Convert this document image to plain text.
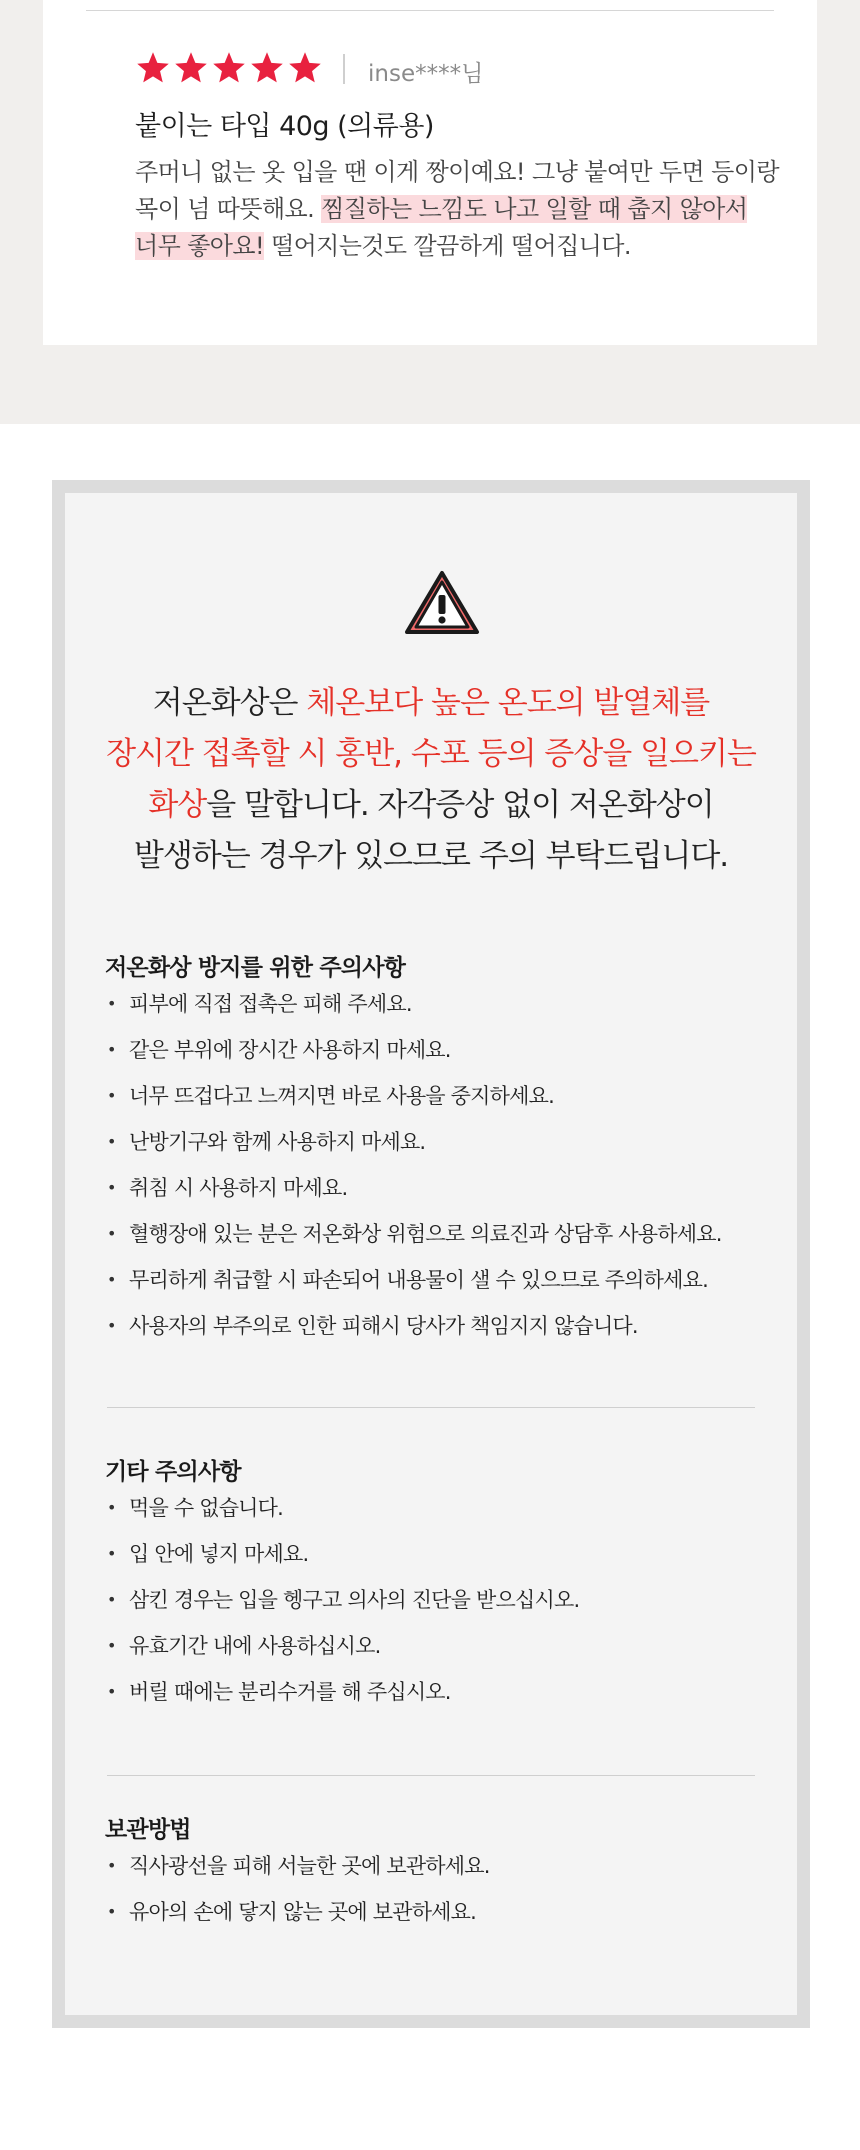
inse****님
붙이는 타입 40g (의류용)
주머니 없는 옷 입을 땐 이게 짱이예요! 그냥 붙여만 두면 등이랑
목이 넘 따뜻해요. 찜질하는 느낌도 나고 일할 때 춥지 않아서
너무 좋아요! 떨어지는것도 깔끔하게 떨어집니다.
저온화상은 체온보다 높은 온도의 발열체를
장시간 접촉할 시 홍반, 수포 등의 증상을 일으키는
화상을 말합니다. 자각증상 없이 저온화상이
발생하는 경우가 있으므로 주의 부탁드립니다.
저온화상 방지를 위한 주의사항
• 피부에 직접 접촉은 피해 주세요.
• 같은 부위에 장시간 사용하지 마세요.
• 너무 뜨겁다고 느껴지면 바로 사용을 중지하세요.
• 난방기구와 함께 사용하지 마세요.
• 취침 시 사용하지 마세요.
• 혈행장애 있는 분은 저온화상 위험으로 의료진과 상담후 사용하세요.
• 무리하게 취급할 시 파손되어 내용물이 샐 수 있으므로 주의하세요.
• 사용자의 부주의로 인한 피해시 당사가 책임지지 않습니다.
기타 주의사항
• 먹을 수 없습니다.
• 입 안에 넣지 마세요.
• 삼킨 경우는 입을 헹구고 의사의 진단을 받으십시오.
• 유효기간 내에 사용하십시오.
• 버릴 때에는 분리수거를 해 주십시오.
보관방법
• 직사광선을 피해 서늘한 곳에 보관하세요.
• 유아의 손에 닿지 않는 곳에 보관하세요.
